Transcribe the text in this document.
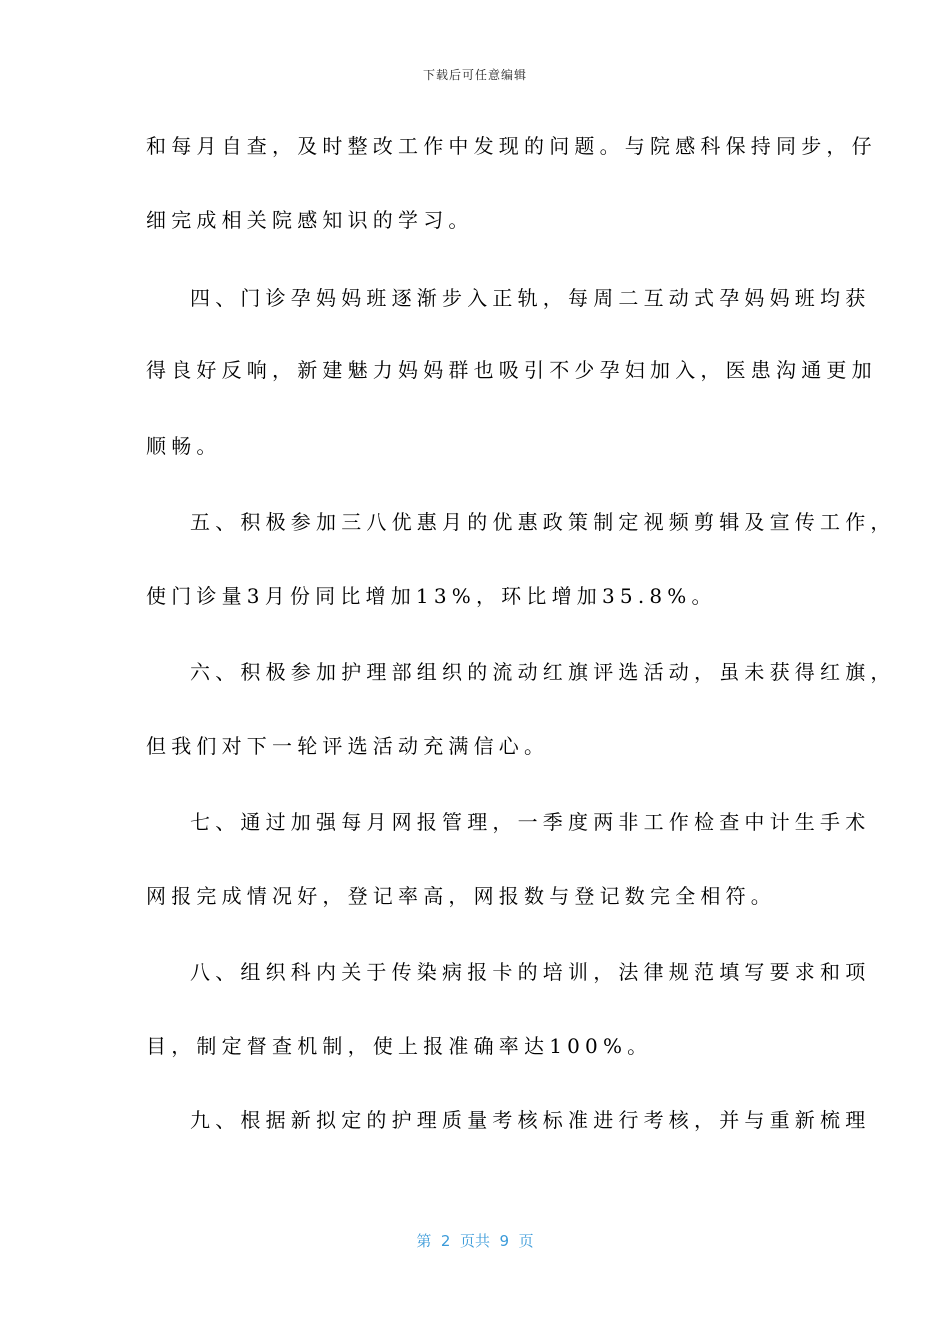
下载后可任意编辑
和每月自查，及时整改工作中发现的问题。与院感科保持同步，仔
细完成相关院感知识的学习。
四、门诊孕妈妈班逐渐步入正轨，每周二互动式孕妈妈班均获
得良好反响，新建魅力妈妈群也吸引不少孕妇加入，医患沟通更加
顺畅。
五、积极参加三八优惠月的优惠政策制定视频剪辑及宣传工作，
使门诊量3月份同比增加13%，环比增加35.8%。
六、积极参加护理部组织的流动红旗评选活动，虽未获得红旗，
但我们对下一轮评选活动充满信心。
七、通过加强每月网报管理，一季度两非工作检查中计生手术
网报完成情况好，登记率高，网报数与登记数完全相符。
八、组织科内关于传染病报卡的培训，法律规范填写要求和项
目，制定督查机制，使上报准确率达100%。
九、根据新拟定的护理质量考核标准进行考核，并与重新梳理
第  2  页共  9  页
